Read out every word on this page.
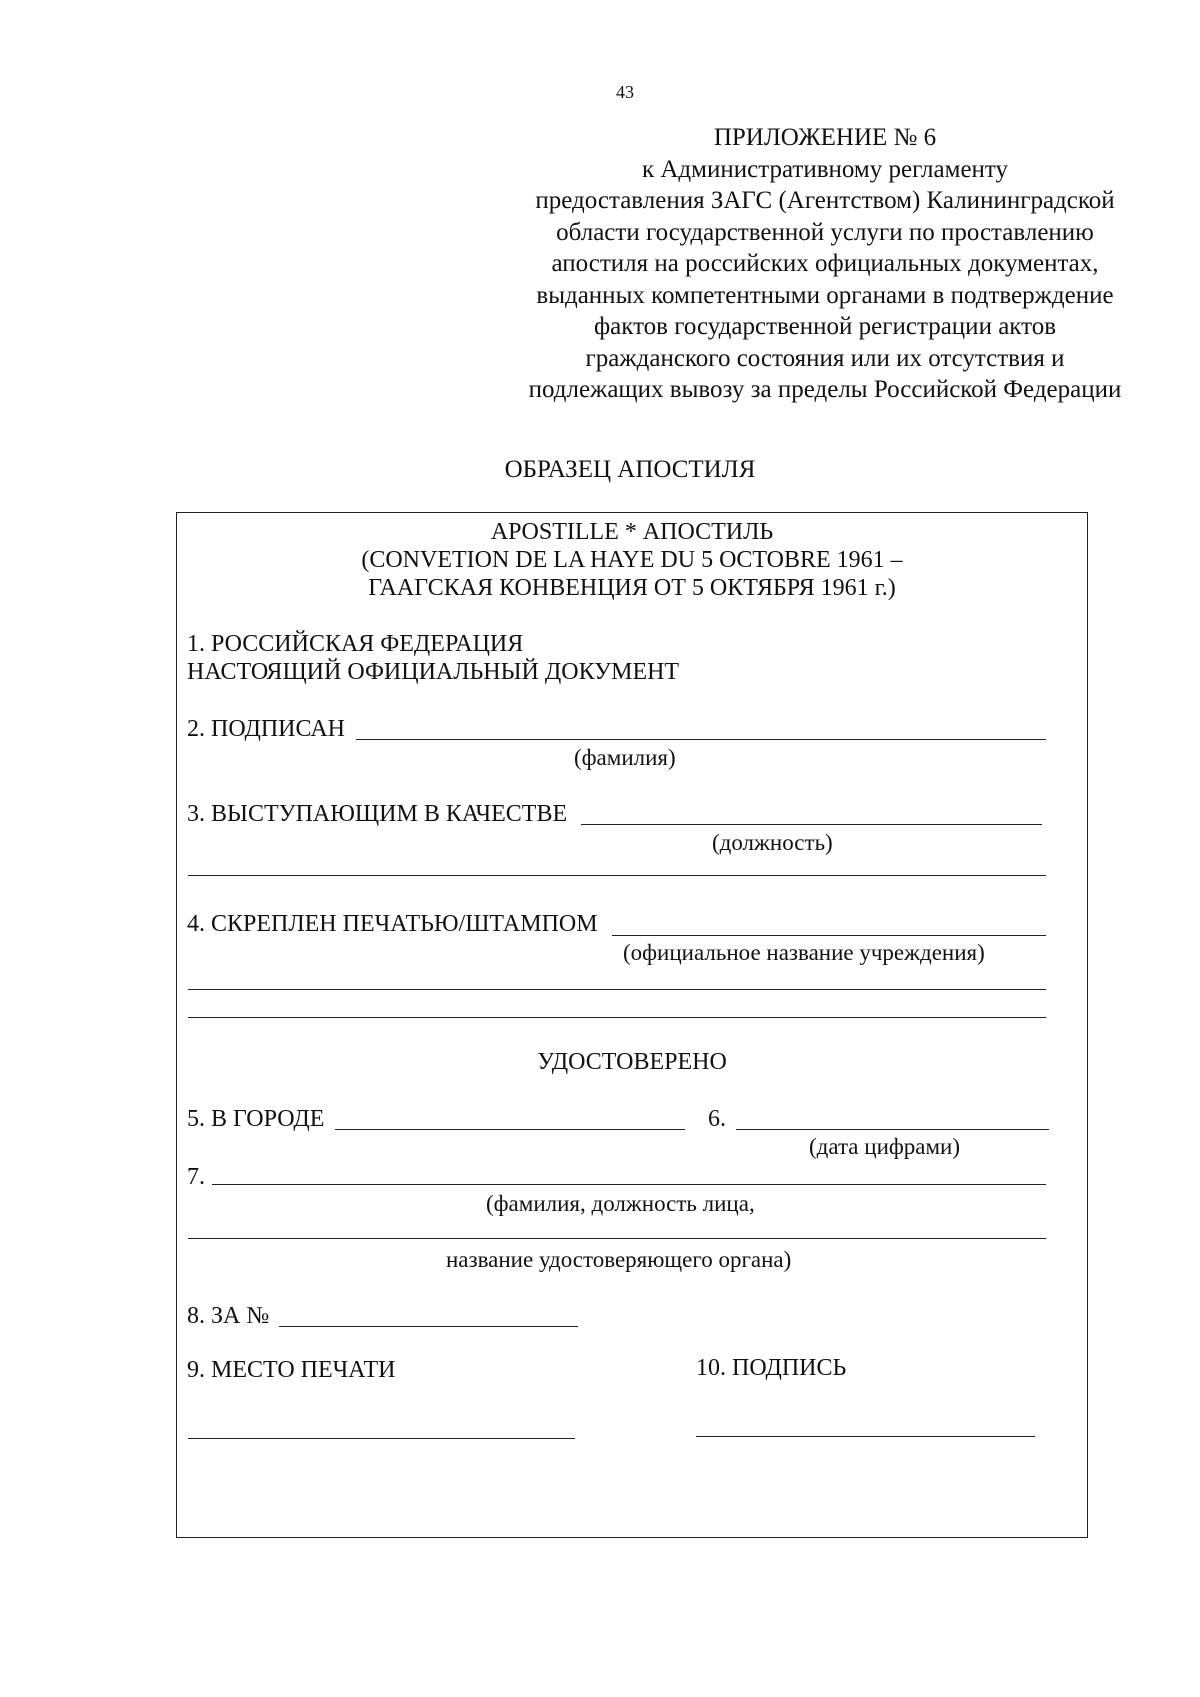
43
ПРИЛОЖЕНИЕ № 6
к Административному регламенту
предоставления ЗАГС (Агентством) Калининградской
области государственной услуги по проставлению
апостиля на российских официальных документах,
выданных компетентными органами в подтверждение
фактов государственной регистрации актов
гражданского состояния или их отсутствия и
подлежащих вывозу за пределы Российской Федерации
ОБРАЗЕЦ АПОСТИЛЯ
APOSTILLE * АПОСТИЛЬ
(CONVETION DE LA HAYE DU 5 OCTOBRE 1961 –
ГААГСКАЯ КОНВЕНЦИЯ ОТ 5 ОКТЯБРЯ 1961 г.)
1. РОССИЙСКАЯ ФЕДЕРАЦИЯ
НАСТОЯЩИЙ ОФИЦИАЛЬНЫЙ ДОКУМЕНТ
2. ПОДПИСАН
(фамилия)
3. ВЫСТУПАЮЩИМ В КАЧЕСТВЕ
(должность)
4. СКРЕПЛЕН ПЕЧАТЬЮ/ШТАМПОМ
(официальное название учреждения)
УДОСТОВЕРЕНО
5. В ГОРОДЕ	6.
(дата цифрами)
7.
(фамилия, должность лица,
название удостоверяющего органа)
8. ЗА №
9. МЕСТО ПЕЧАТИ	10. ПОДПИСЬ
